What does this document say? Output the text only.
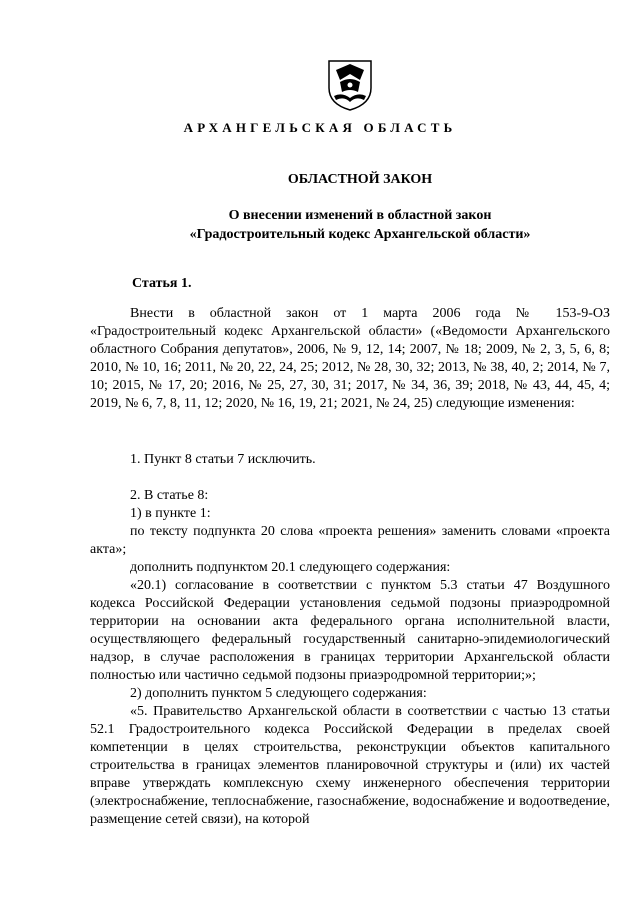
АРХАНГЕЛЬСКАЯ ОБЛАСТЬ
ОБЛАСТНОЙ ЗАКОН
О внесении изменений в областной закон
«Градостроительный кодекс Архангельской области»
Статья 1.
Внести в областной закон от 1 марта 2006 года № 153-9-ОЗ «Градостроительный кодекс Архангельской области» («Ведомости Архангельского областного Собрания депутатов», 2006, № 9, 12, 14; 2007, № 18; 2009, № 2, 3, 5, 6, 8; 2010, № 10, 16; 2011, № 20, 22, 24, 25; 2012, № 28, 30, 32; 2013, № 38, 40, 2; 2014, № 7, 10; 2015, № 17, 20; 2016, № 25, 27, 30, 31; 2017, № 34, 36, 39; 2018, № 43, 44, 45, 4; 2019, № 6, 7, 8, 11, 12; 2020, № 16, 19, 21; 2021, № 24, 25) следующие изменения:
1. Пункт 8 статьи 7 исключить.
2. В статье 8:
1) в пункте 1:
по тексту подпункта 20 слова «проекта решения» заменить словами «проекта акта»;
дополнить подпунктом 20.1 следующего содержания:
«20.1) согласование в соответствии с пунктом 5.3 статьи 47 Воздушного кодекса Российской Федерации установления седьмой подзоны приаэродромной территории на основании акта федерального органа исполнительной власти, осуществляющего федеральный государственный санитарно-эпидемиологический надзор, в случае расположения в границах территории Архангельской области полностью или частично седьмой подзоны приаэродромной территории;»;
2) дополнить пунктом 5 следующего содержания:
«5. Правительство Архангельской области в соответствии с частью 13 статьи 52.1 Градостроительного кодекса Российской Федерации в пределах своей компетенции в целях строительства, реконструкции объектов капитального строительства в границах элементов планировочной структуры и (или) их частей вправе утверждать комплексную схему инженерного обеспечения территории (электроснабжение, теплоснабжение, газоснабжение, водоснабжение и водоотведение, размещение сетей связи), на которой
